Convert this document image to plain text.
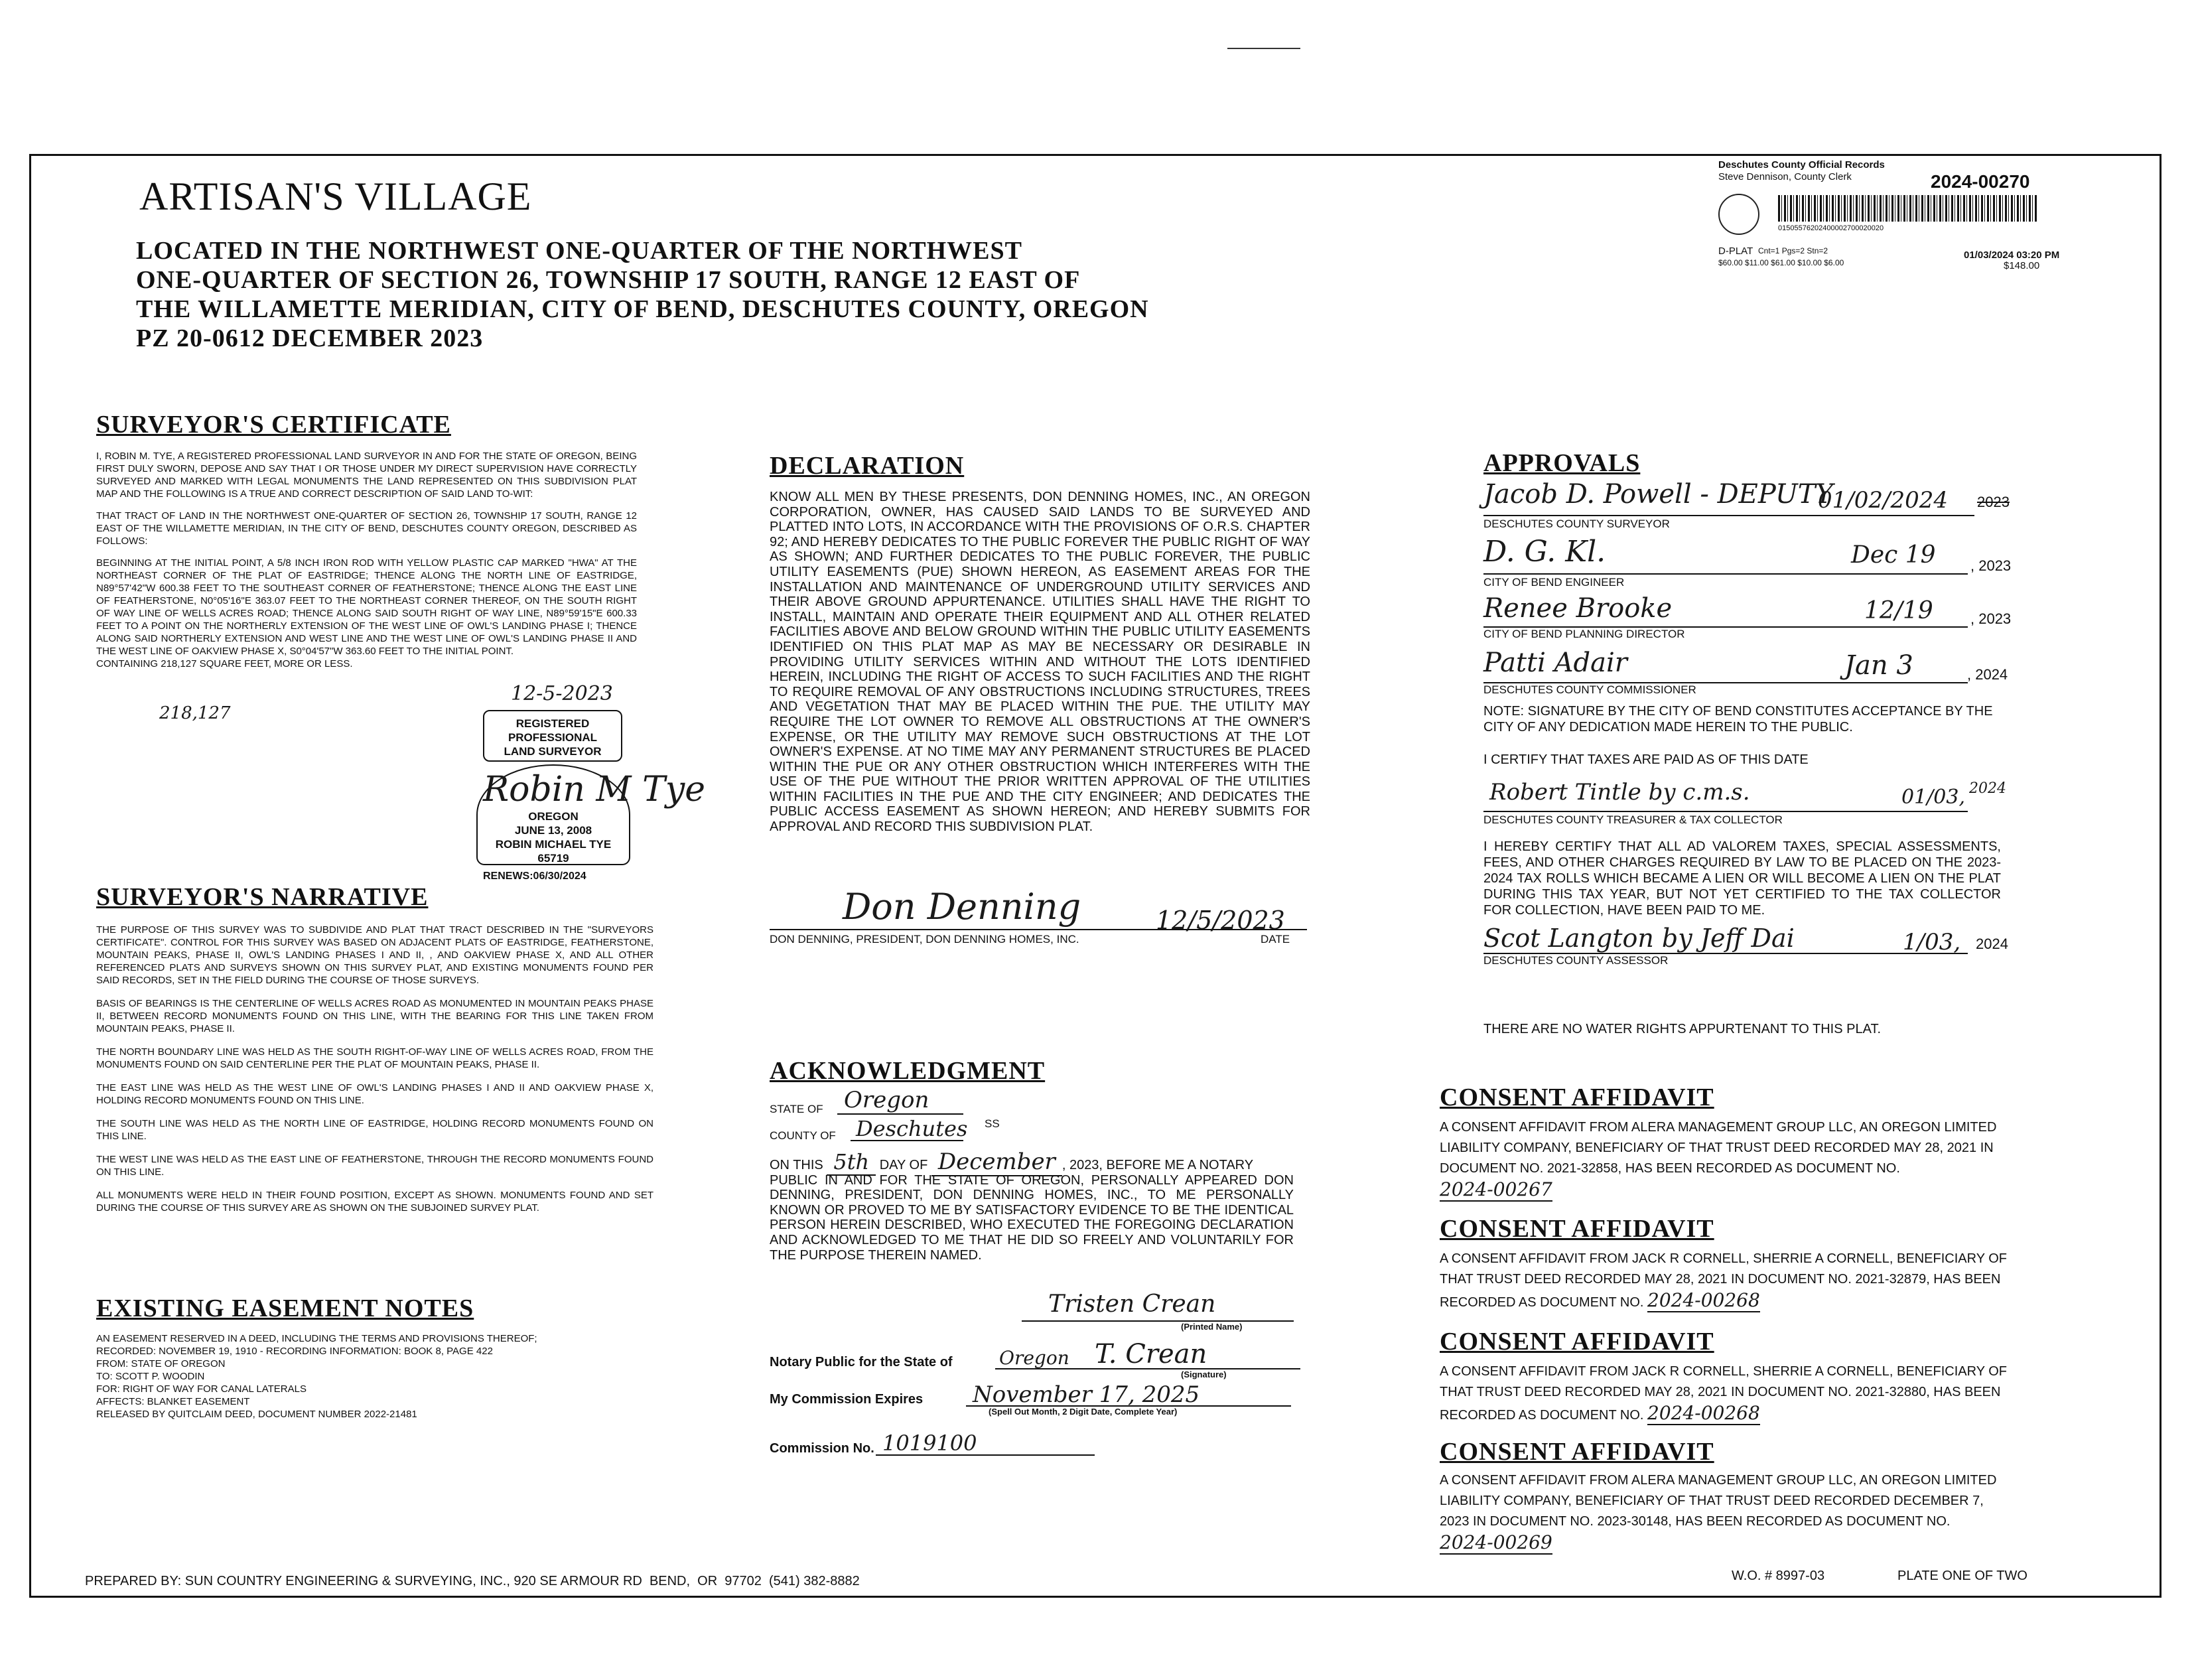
ARTISAN'S VILLAGE
LOCATED IN THE NORTHWEST ONE-QUARTER OF THE NORTHWEST
ONE-QUARTER OF SECTION 26, TOWNSHIP 17 SOUTH, RANGE 12 EAST OF
THE WILLAMETTE MERIDIAN, CITY OF BEND, DESCHUTES COUNTY, OREGON
PZ 20-0612 DECEMBER 2023
Deschutes County Official Records
Steve Dennison, County Clerk	2024-00270
01505576202400002700020020
D-PLAT Cnt=1 Pgs=2 Stn=2
$60.00 $11.00 $61.00 $10.00 $6.00
01/03/2024 03:20 PM
$148.00
SURVEYOR'S CERTIFICATE
I, ROBIN M. TYE, A REGISTERED PROFESSIONAL LAND SURVEYOR IN AND FOR THE STATE OF OREGON, BEING FIRST DULY SWORN, DEPOSE AND SAY THAT I OR THOSE UNDER MY DIRECT SUPERVISION HAVE CORRECTLY SURVEYED AND MARKED WITH LEGAL MONUMENTS THE LAND REPRESENTED ON THIS SUBDIVISION PLAT MAP AND THE FOLLOWING IS A TRUE AND CORRECT DESCRIPTION OF SAID LAND TO-WIT:
THAT TRACT OF LAND IN THE NORTHWEST ONE-QUARTER OF SECTION 26, TOWNSHIP 17 SOUTH, RANGE 12 EAST OF THE WILLAMETTE MERIDIAN, IN THE CITY OF BEND, DESCHUTES COUNTY OREGON, DESCRIBED AS FOLLOWS:
BEGINNING AT THE INITIAL POINT, A 5/8 INCH IRON ROD WITH YELLOW PLASTIC CAP MARKED "HWA" AT THE NORTHEAST CORNER OF THE PLAT OF EASTRIDGE; THENCE ALONG THE NORTH LINE OF EASTRIDGE, N89°57'42"W 600.38 FEET TO THE SOUTHEAST CORNER OF FEATHERSTONE; THENCE ALONG THE EAST LINE OF FEATHERSTONE, N0°05'16"E 363.07 FEET TO THE NORTHEAST CORNER THEREOF, ON THE SOUTH RIGHT OF WAY LINE OF WELLS ACRES ROAD; THENCE ALONG SAID SOUTH RIGHT OF WAY LINE, N89°59'15"E 600.33 FEET TO A POINT ON THE NORTHERLY EXTENSION OF THE WEST LINE OF OWL'S LANDING PHASE I; THENCE ALONG SAID NORTHERLY EXTENSION AND WEST LINE AND THE WEST LINE OF OWL'S LANDING PHASE II AND THE WEST LINE OF OAKVIEW PHASE X, S0°04'57"W 363.60 FEET TO THE INITIAL POINT.
CONTAINING 218,127 SQUARE FEET, MORE OR LESS.
218,127
12-5-2023
REGISTERED
PROFESSIONAL
LAND SURVEYOR
OREGON
JUNE 13, 2008
ROBIN MICHAEL TYE
65719
Robin M Tye
RENEWS:06/30/2024
SURVEYOR'S NARRATIVE
THE PURPOSE OF THIS SURVEY WAS TO SUBDIVIDE AND PLAT THAT TRACT DESCRIBED IN THE "SURVEYORS CERTIFICATE". CONTROL FOR THIS SURVEY WAS BASED ON ADJACENT PLATS OF EASTRIDGE, FEATHERSTONE, MOUNTAIN PEAKS, PHASE II, OWL'S LANDING PHASES I AND II, , AND OAKVIEW PHASE X, AND ALL OTHER REFERENCED PLATS AND SURVEYS SHOWN ON THIS SURVEY PLAT, AND EXISTING MONUMENTS FOUND PER SAID RECORDS, SET IN THE FIELD DURING THE COURSE OF THOSE SURVEYS.
BASIS OF BEARINGS IS THE CENTERLINE OF WELLS ACRES ROAD AS MONUMENTED IN MOUNTAIN PEAKS PHASE II, BETWEEN RECORD MONUMENTS FOUND ON THIS LINE, WITH THE BEARING FOR THIS LINE TAKEN FROM MOUNTAIN PEAKS, PHASE II.
THE NORTH BOUNDARY LINE WAS HELD AS THE SOUTH RIGHT-OF-WAY LINE OF WELLS ACRES ROAD, FROM THE MONUMENTS FOUND ON SAID CENTERLINE PER THE PLAT OF MOUNTAIN PEAKS, PHASE II.
THE EAST LINE WAS HELD AS THE WEST LINE OF OWL'S LANDING PHASES I AND II AND OAKVIEW PHASE X, HOLDING RECORD MONUMENTS FOUND ON THIS LINE.
THE SOUTH LINE WAS HELD AS THE NORTH LINE OF EASTRIDGE, HOLDING RECORD MONUMENTS FOUND ON THIS LINE.
THE WEST LINE WAS HELD AS THE EAST LINE OF FEATHERSTONE, THROUGH THE RECORD MONUMENTS FOUND ON THIS LINE.
ALL MONUMENTS WERE HELD IN THEIR FOUND POSITION, EXCEPT AS SHOWN. MONUMENTS FOUND AND SET DURING THE COURSE OF THIS SURVEY ARE AS SHOWN ON THE SUBJOINED SURVEY PLAT.
EXISTING EASEMENT NOTES
AN EASEMENT RESERVED IN A DEED, INCLUDING THE TERMS AND PROVISIONS THEREOF;
RECORDED: NOVEMBER 19, 1910 - RECORDING INFORMATION: BOOK 8, PAGE 422
FROM: STATE OF OREGON
TO: SCOTT P. WOODIN
FOR: RIGHT OF WAY FOR CANAL LATERALS
AFFECTS: BLANKET EASEMENT
RELEASED BY QUITCLAIM DEED, DOCUMENT NUMBER 2022-21481
DECLARATION
KNOW ALL MEN BY THESE PRESENTS, DON DENNING HOMES, INC., AN OREGON CORPORATION, OWNER, HAS CAUSED SAID LANDS TO BE SURVEYED AND PLATTED INTO LOTS, IN ACCORDANCE WITH THE PROVISIONS OF O.R.S. CHAPTER 92; AND HEREBY DEDICATES TO THE PUBLIC FOREVER THE PUBLIC RIGHT OF WAY AS SHOWN; AND FURTHER DEDICATES TO THE PUBLIC FOREVER, THE PUBLIC UTILITY EASEMENTS (PUE) SHOWN HEREON, AS EASEMENT AREAS FOR THE INSTALLATION AND MAINTENANCE OF UNDERGROUND UTILITY SERVICES AND THEIR ABOVE GROUND APPURTENANCE. UTILITIES SHALL HAVE THE RIGHT TO INSTALL, MAINTAIN AND OPERATE THEIR EQUIPMENT AND ALL OTHER RELATED FACILITIES ABOVE AND BELOW GROUND WITHIN THE PUBLIC UTILITY EASEMENTS IDENTIFIED ON THIS PLAT MAP AS MAY BE NECESSARY OR DESIRABLE IN PROVIDING UTILITY SERVICES WITHIN AND WITHOUT THE LOTS IDENTIFIED HEREIN, INCLUDING THE RIGHT OF ACCESS TO SUCH FACILITIES AND THE RIGHT TO REQUIRE REMOVAL OF ANY OBSTRUCTIONS INCLUDING STRUCTURES, TREES AND VEGETATION THAT MAY BE PLACED WITHIN THE PUE. THE UTILITY MAY REQUIRE THE LOT OWNER TO REMOVE ALL OBSTRUCTIONS AT THE OWNER'S EXPENSE, OR THE UTILITY MAY REMOVE SUCH OBSTRUCTIONS AT THE LOT OWNER'S EXPENSE. AT NO TIME MAY ANY PERMANENT STRUCTURES BE PLACED WITHIN THE PUE OR ANY OTHER OBSTRUCTION WHICH INTERFERES WITH THE USE OF THE PUE WITHOUT THE PRIOR WRITTEN APPROVAL OF THE UTILITIES WITHIN FACILITIES IN THE PUE AND THE CITY ENGINEER; AND DEDICATES THE PUBLIC ACCESS EASEMENT AS SHOWN HEREON; AND HEREBY SUBMITS FOR APPROVAL AND RECORD THIS SUBDIVISION PLAT.
Don Denning	12/5/2023
DON DENNING, PRESIDENT, DON DENNING HOMES, INC.	DATE
ACKNOWLEDGMENT
STATE OF Oregon
COUNTY OF Deschutes SS
ON THIS 5th DAY OF December , 2023, BEFORE ME A NOTARY
PUBLIC IN AND FOR THE STATE OF OREGON, PERSONALLY APPEARED DON DENNING, PRESIDENT, DON DENNING HOMES, INC., TO ME PERSONALLY KNOWN OR PROVED TO ME BY SATISFACTORY EVIDENCE TO BE THE IDENTICAL PERSON HEREIN DESCRIBED, WHO EXECUTED THE FOREGOING DECLARATION AND ACKNOWLEDGED TO ME THAT HE DID SO FREELY AND VOLUNTARILY FOR THE PURPOSE THEREIN NAMED.
Tristen Crean
(Printed Name)
Notary Public for the State of	Oregon T. Crean
(Signature)
My Commission Expires November 17, 2025
(Spell Out Month, 2 Digit Date, Complete Year)
Commission No. 1019100
APPROVALS
Jacob D. Powell - DEPUTY
01/02/2024 2023
DESCHUTES COUNTY SURVEYOR
D. G. Kl.	Dec 19 , 2023
CITY OF BEND ENGINEER
Renee Brooke	12/19	, 2023
CITY OF BEND PLANNING DIRECTOR
Patti Adair	Jan 3	, 2024
DESCHUTES COUNTY COMMISSIONER
NOTE: SIGNATURE BY THE CITY OF BEND CONSTITUTES ACCEPTANCE BY THE CITY OF ANY DEDICATION MADE HEREIN TO THE PUBLIC.
I CERTIFY THAT TAXES ARE PAID AS OF THIS DATE
Robert Tintle by c.m.s.	01/03, 2024
DESCHUTES COUNTY TREASURER & TAX COLLECTOR
I HEREBY CERTIFY THAT ALL AD VALOREM TAXES, SPECIAL ASSESSMENTS, FEES, AND OTHER CHARGES REQUIRED BY LAW TO BE PLACED ON THE 2023-2024 TAX ROLLS WHICH BECAME A LIEN OR WILL BECOME A LIEN ON THE PLAT DURING THIS TAX YEAR, BUT NOT YET CERTIFIED TO THE TAX COLLECTOR FOR COLLECTION, HAVE BEEN PAID TO ME.
Scot Langton by Jeff Dai	1/03, 2024
DESCHUTES COUNTY ASSESSOR
THERE ARE NO WATER RIGHTS APPURTENANT TO THIS PLAT.
CONSENT AFFIDAVIT
A CONSENT AFFIDAVIT FROM ALERA MANAGEMENT GROUP LLC, AN OREGON LIMITED LIABILITY COMPANY, BENEFICIARY OF THAT TRUST DEED RECORDED MAY 28, 2021 IN DOCUMENT NO. 2021-32858, HAS BEEN RECORDED AS DOCUMENT NO. 2024-00267
CONSENT AFFIDAVIT
A CONSENT AFFIDAVIT FROM JACK R CORNELL, SHERRIE A CORNELL, BENEFICIARY OF THAT TRUST DEED RECORDED MAY 28, 2021 IN DOCUMENT NO. 2021-32879, HAS BEEN RECORDED AS DOCUMENT NO. 2024-00268
CONSENT AFFIDAVIT
A CONSENT AFFIDAVIT FROM JACK R CORNELL, SHERRIE A CORNELL, BENEFICIARY OF THAT TRUST DEED RECORDED MAY 28, 2021 IN DOCUMENT NO. 2021-32880, HAS BEEN RECORDED AS DOCUMENT NO. 2024-00268
CONSENT AFFIDAVIT
A CONSENT AFFIDAVIT FROM ALERA MANAGEMENT GROUP LLC, AN OREGON LIMITED LIABILITY COMPANY, BENEFICIARY OF THAT TRUST DEED RECORDED DECEMBER 7, 2023 IN DOCUMENT NO. 2023-30148, HAS BEEN RECORDED AS DOCUMENT NO. 2024-00269
PREPARED BY: SUN COUNTRY ENGINEERING & SURVEYING, INC., 920 SE ARMOUR RD  BEND,  OR  97702  (541) 382-8882	W.O. # 8997-03	PLATE ONE OF TWO
